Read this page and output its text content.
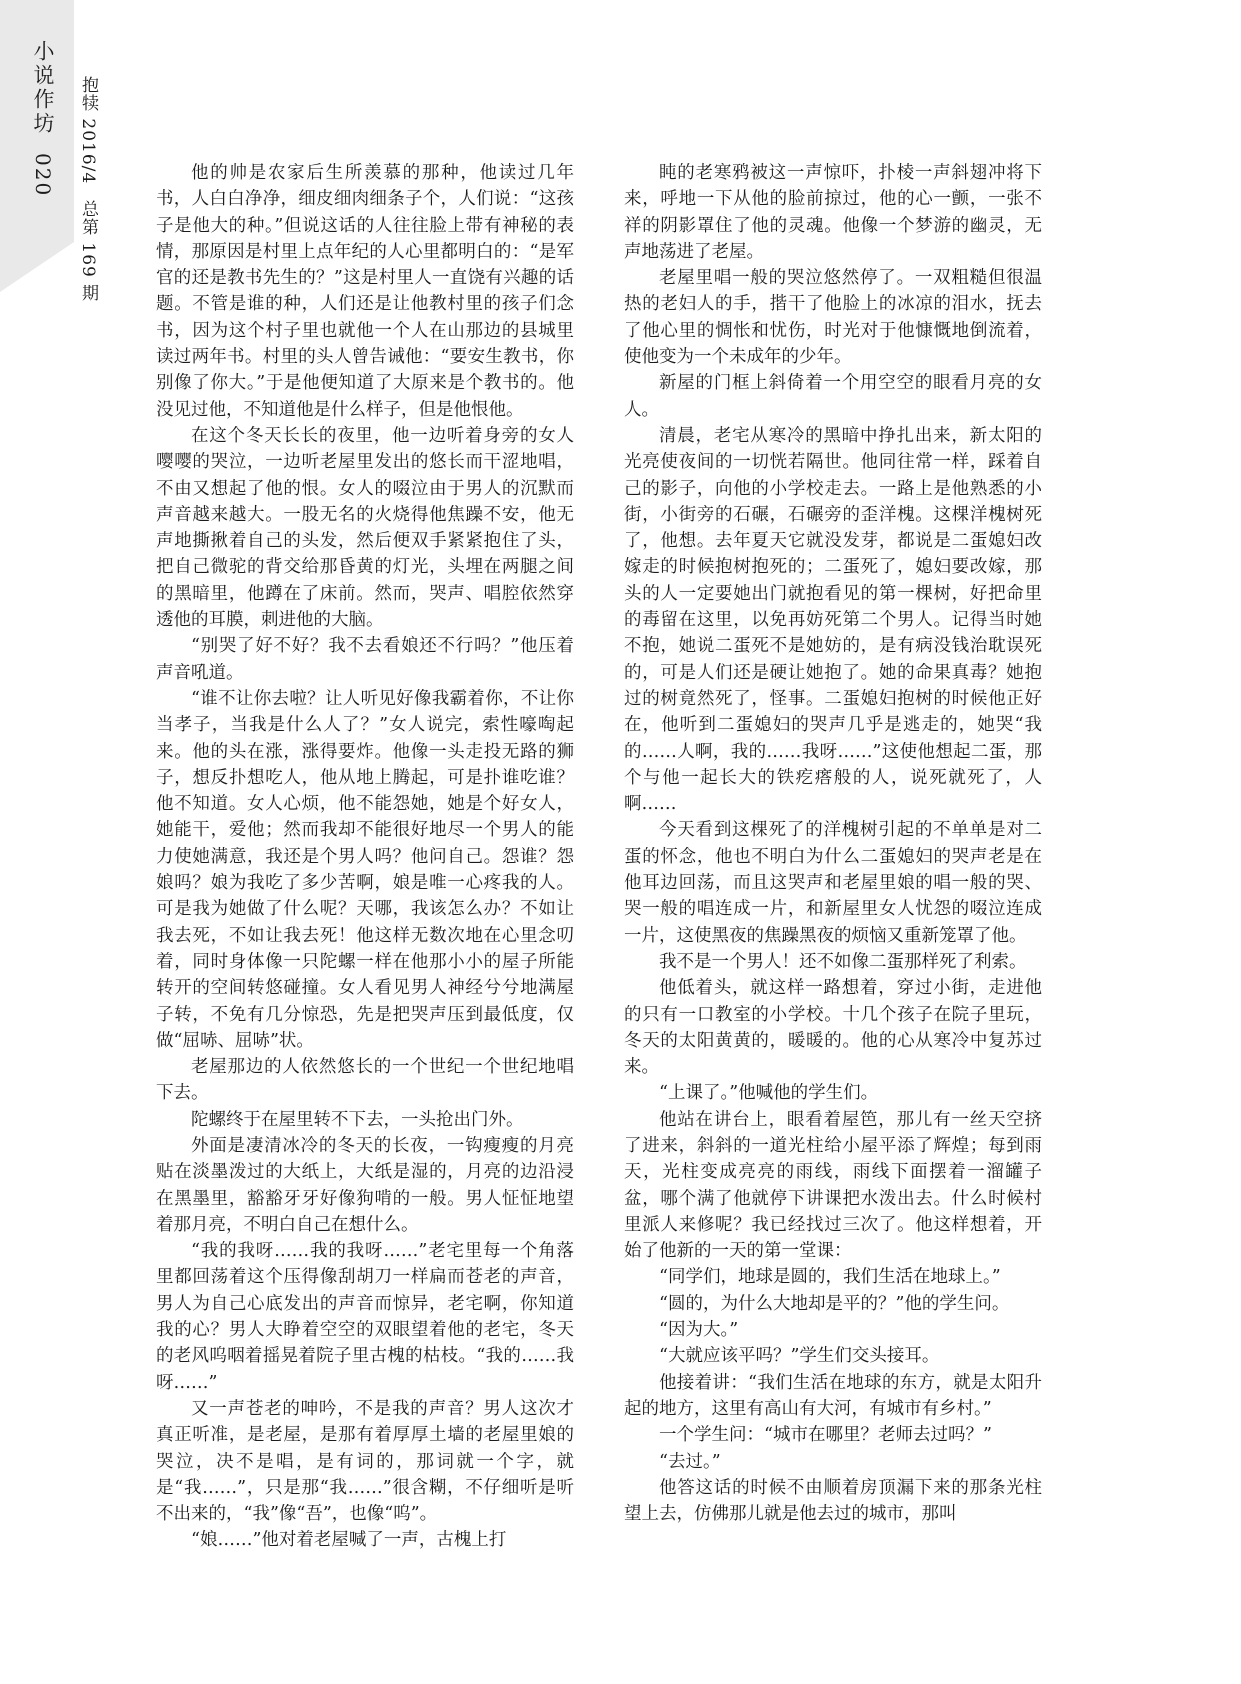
小说作坊
020 抱犊 2016/4
总第 169 期

他的帅是农家后生所羡慕的那种，他读过几年书，人白白净净，细皮细肉细条子个，人们说：“这孩子是他大的种。”但说这话的人往往脸上带有神秘的表情，那原因是村里上点年纪的人心里都明白的：“是军官的还是教书先生的？”这是村里人一直饶有兴趣的话题。不管是谁的种，人们还是让他教村里的孩子们念书，因为这个村子里也就他一个人在山那边的县城里读过两年书。村里的头人曾告诫他：“要安生教书，你别像了你大。”于是他便知道了大原来是个教书的。他没见过他，不知道他是什么样子，但是他恨他。

在这个冬天长长的夜里，他一边听着身旁的女人嘤嘤的哭泣，一边听老屋里发出的悠长而干涩地唱，不由又想起了他的恨。女人的啜泣由于男人的沉默而声音越来越大。一股无名的火烧得他焦躁不安，他无声地撕揪着自己的头发，然后便双手紧紧抱住了头，把自己微驼的背交给那昏黄的灯光，头埋在两腿之间的黑暗里，他蹲在了床前。然而，哭声、唱腔依然穿透他的耳膜，刺进他的大脑。

“别哭了好不好？我不去看娘还不行吗？”他压着声音吼道。

“谁不让你去啦？让人听见好像我霸着你，不让你当孝子，当我是什么人了？”女人说完，索性嚎啕起来。他的头在涨，涨得要炸。他像一头走投无路的狮子，想反扑想吃人，他从地上腾起，可是扑谁吃谁？他不知道。女人心烦，他不能怨她，她是个好女人，她能干，爱他；然而我却不能很好地尽一个男人的能力使她满意，我还是个男人吗？他问自己。怨谁？怨娘吗？娘为我吃了多少苦啊，娘是唯一心疼我的人。可是我为她做了什么呢？天哪，我该怎么办？不如让我去死，不如让我去死！他这样无数次地在心里念叨着，同时身体像一只陀螺一样在他那小小的屋子所能转开的空间转悠碰撞。女人看见男人神经兮兮地满屋子转，不免有几分惊恐，先是把哭声压到最低度，仅做“屈哧、屈哧”状。

老屋那边的人依然悠长的一个世纪一个世纪地唱下去。

陀螺终于在屋里转不下去，一头抢出门外。

外面是凄清冰冷的冬天的长夜，一钩瘦瘦的月亮贴在淡墨泼过的大纸上，大纸是湿的，月亮的边沿浸在黑墨里，豁豁牙牙好像狗啃的一般。男人怔怔地望着那月亮，不明白自己在想什么。

“我的我呀……我的我呀……”老宅里每一个角落里都回荡着这个压得像刮胡刀一样扁而苍老的声音，男人为自己心底发出的声音而惊异，老宅啊，你知道我的心？男人大睁着空空的双眼望着他的老宅，冬天的老风呜咽着摇晃着院子里古槐的枯枝。“我的……我呀……”

又一声苍老的呻吟，不是我的声音？男人这次才真正听准，是老屋，是那有着厚厚土墙的老屋里娘的哭泣，决不是唱，是有词的，那词就一个字，就是“我……”，只是那“我……”很含糊，不仔细听是听不出来的，“我”像“吾”，也像“呜”。

“娘……”他对着老屋喊了一声，古槐上打

盹的老寒鸦被这一声惊吓，扑棱一声斜翅冲将下来，呼地一下从他的脸前掠过，他的心一颤，一张不祥的阴影罩住了他的灵魂。他像一个梦游的幽灵，无声地荡进了老屋。

老屋里唱一般的哭泣悠然停了。一双粗糙但很温热的老妇人的手，揩干了他脸上的冰凉的泪水，抚去了他心里的惆怅和忧伤，时光对于他慷慨地倒流着，使他变为一个未成年的少年。

新屋的门框上斜倚着一个用空空的眼看月亮的女人。

清晨，老宅从寒冷的黑暗中挣扎出来，新太阳的光亮使夜间的一切恍若隔世。他同往常一样，踩着自己的影子，向他的小学校走去。一路上是他熟悉的小街，小街旁的石碾，石碾旁的歪洋槐。这棵洋槐树死了，他想。去年夏天它就没发芽，都说是二蛋媳妇改嫁走的时候抱树抱死的；二蛋死了，媳妇要改嫁，那头的人一定要她出门就抱看见的第一棵树，好把命里的毒留在这里，以免再妨死第二个男人。记得当时她不抱，她说二蛋死不是她妨的，是有病没钱治耽误死的，可是人们还是硬让她抱了。她的命果真毒？她抱过的树竟然死了，怪事。二蛋媳妇抱树的时候他正好在，他听到二蛋媳妇的哭声几乎是逃走的，她哭“我的……人啊，我的……我呀……”这使他想起二蛋，那个与他一起长大的铁疙瘩般的人，说死就死了，人啊……

今天看到这棵死了的洋槐树引起的不单单是对二蛋的怀念，他也不明白为什么二蛋媳妇的哭声老是在他耳边回荡，而且这哭声和老屋里娘的唱一般的哭、哭一般的唱连成一片，和新屋里女人忧怨的啜泣连成一片，这使黑夜的焦躁黑夜的烦恼又重新笼罩了他。

我不是一个男人！还不如像二蛋那样死了利索。

他低着头，就这样一路想着，穿过小街，走进他的只有一口教室的小学校。十几个孩子在院子里玩，冬天的太阳黄黄的，暖暖的。他的心从寒冷中复苏过来。

“上课了。”他喊他的学生们。

他站在讲台上，眼看着屋笆，那儿有一丝天空挤了进来，斜斜的一道光柱给小屋平添了辉煌；每到雨天，光柱变成亮亮的雨线，雨线下面摆着一溜罐子盆，哪个满了他就停下讲课把水泼出去。什么时候村里派人来修呢？我已经找过三次了。他这样想着，开始了他新的一天的第一堂课：

“同学们，地球是圆的，我们生活在地球上。”

“圆的，为什么大地却是平的？”他的学生问。

“因为大。”

“大就应该平吗？”学生们交头接耳。

他接着讲：“我们生活在地球的东方，就是太阳升起的地方，这里有高山有大河，有城市有乡村。”

一个学生问：“城市在哪里？老师去过吗？”

“去过。”

他答这话的时候不由顺着房顶漏下来的那条光柱望上去，仿佛那儿就是他去过的城市，那叫
